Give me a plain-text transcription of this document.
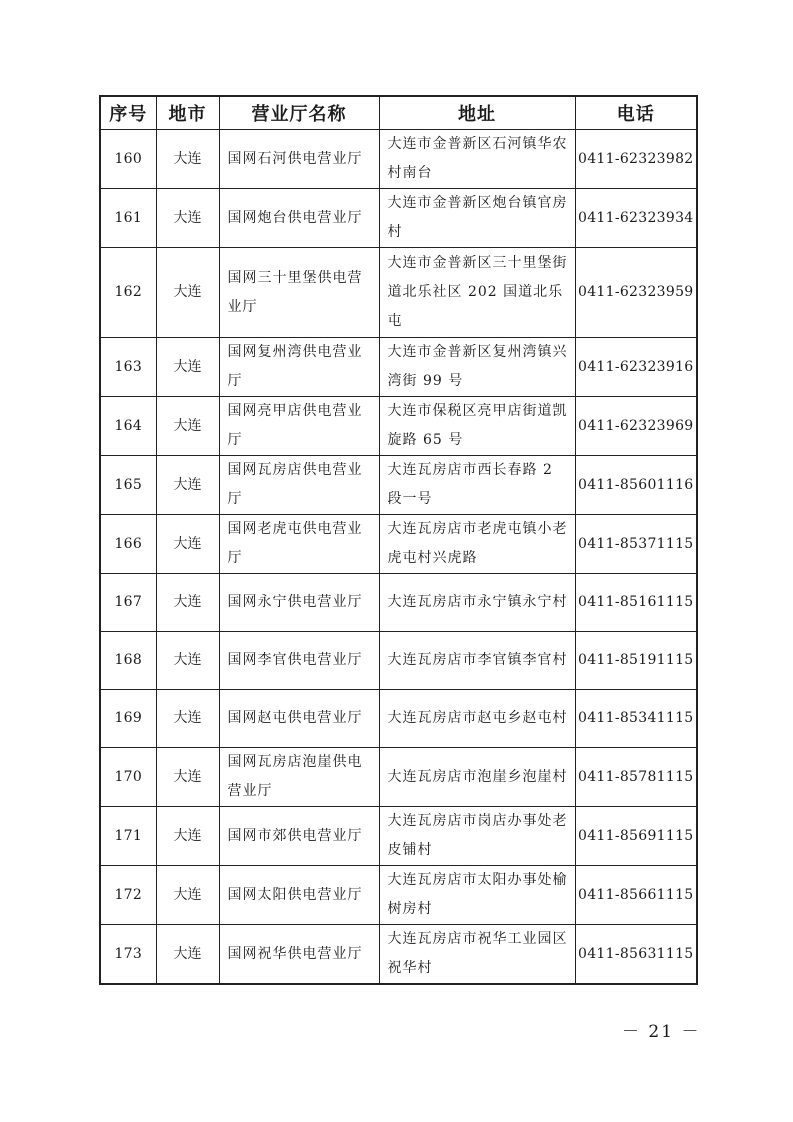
序号	地市	营业厅名称	地址	电话
160	大连	国网石河供电营业厅	大连市金普新区石河镇华农村南台	0411-62323982
161	大连	国网炮台供电营业厅	大连市金普新区炮台镇官房村	0411-62323934
162	大连	国网三十里堡供电营业厅	大连市金普新区三十里堡街道北乐社区 202 国道北乐屯	0411-62323959
163	大连	国网复州湾供电营业厅	大连市金普新区复州湾镇兴湾街 99 号	0411-62323916
164	大连	国网亮甲店供电营业厅	大连市保税区亮甲店街道凯旋路 65 号	0411-62323969
165	大连	国网瓦房店供电营业厅	大连瓦房店市西长春路 2 段一号	0411-85601116
166	大连	国网老虎屯供电营业厅	大连瓦房店市老虎屯镇小老虎屯村兴虎路	0411-85371115
167	大连	国网永宁供电营业厅	大连瓦房店市永宁镇永宁村	0411-85161115
168	大连	国网李官供电营业厅	大连瓦房店市李官镇李官村	0411-85191115
169	大连	国网赵屯供电营业厅	大连瓦房店市赵屯乡赵屯村	0411-85341115
170	大连	国网瓦房店泡崖供电营业厅	大连瓦房店市泡崖乡泡崖村	0411-85781115
171	大连	国网市郊供电营业厅	大连瓦房店市岗店办事处老皮铺村	0411-85691115
172	大连	国网太阳供电营业厅	大连瓦房店市太阳办事处榆树房村	0411-85661115
173	大连	国网祝华供电营业厅	大连瓦房店市祝华工业园区祝华村	0411-85631115
－ 21 －
